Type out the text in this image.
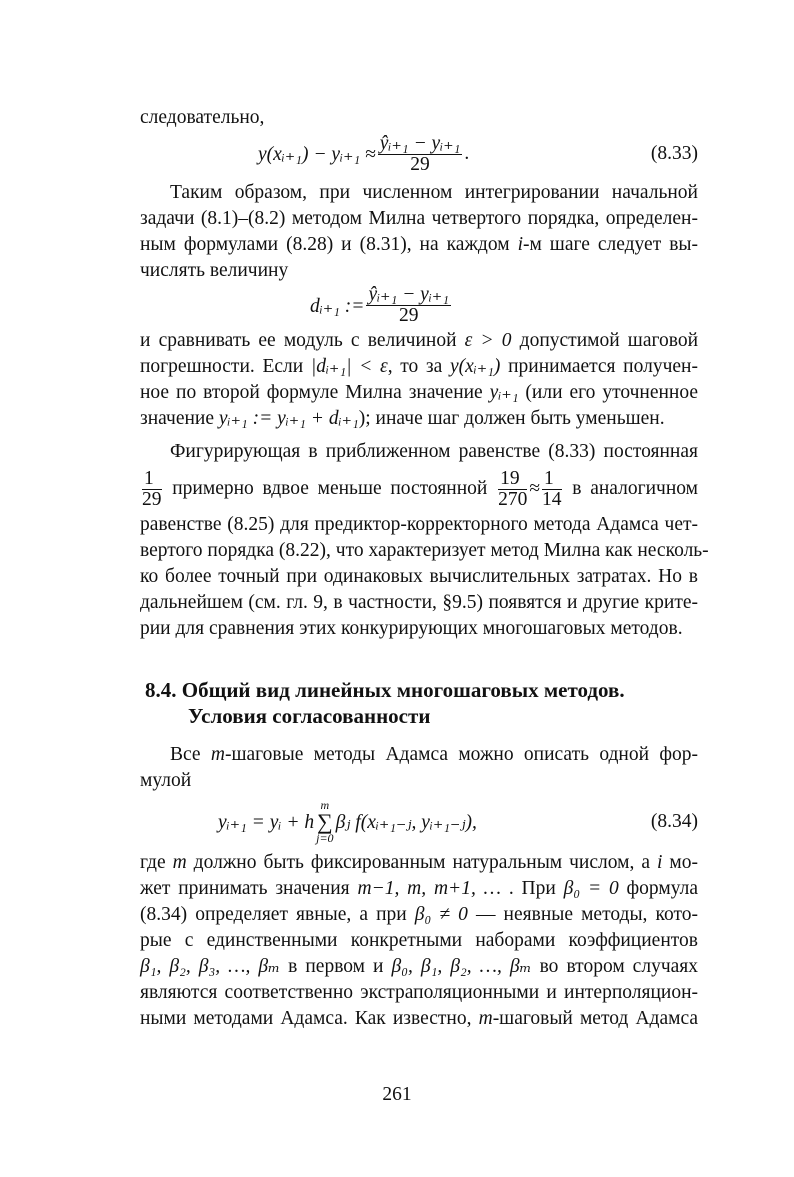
следовательно,
y(xᵢ₊₁) − yᵢ₊₁ ≈ $\frac{\text{ŷᵢ₊₁ − yᵢ₊₁}}{29}$ .	(8.33)
Таким образом, при численном интегрировании начальной
задачи (8.1)–(8.2) методом Милна четвертого порядка, определен-
ным формулами (8.28) и (8.31), на каждом i-м шаге следует вы-
числять величину
dᵢ₊₁ := $\frac{\text{ŷᵢ₊₁ − yᵢ₊₁}}{29}$
и сравнивать ее модуль с величиной ε > 0 допустимой шаговой
погрешности. Если |dᵢ₊₁| < ε, то за y(xᵢ₊₁) принимается получен-
ное по второй формуле Милна значение yᵢ₊₁ (или его уточненное
значение yᵢ₊₁ := yᵢ₊₁ + dᵢ₊₁); иначе шаг должен быть уменьшен.
Фигурирующая в приближенном равенстве (8.33) постоянная
$\frac{1}{29}$ примерно вдвое меньше постоянной $\frac{19}{270} \approx \frac{1}{14}$ в аналогичном
равенстве (8.25) для предиктор-корректорного метода Адамса чет-
вертого порядка (8.22), что характеризует метод Милна как несколь-
ко более точный при одинаковых вычислительных затратах. Но в
дальнейшем (см. гл. 9, в частности, §9.5) появятся и другие крите-
рии для сравнения этих конкурирующих многошаговых методов.
8.4. Общий вид линейных многошаговых методов.
Условия согласованности
Все m-шаговые методы Адамса можно описать одной фор-
мулой
yᵢ₊₁ = yᵢ + h
m
∑
j=0
βⱼ f(xᵢ₊₁₋ⱼ, yᵢ₊₁₋ⱼ),	(8.34)
где m должно быть фиксированным натуральным числом, а i мо-
жет принимать значения m−1, m, m+1, … . При β₀ = 0 формула
(8.34) определяет явные, а при β₀ ≠ 0 — неявные методы, кото-
рые с единственными конкретными наборами коэффициентов
β₁, β₂, β₃, …, βₘ в первом и β₀, β₁, β₂, …, βₘ во втором случаях
являются соответственно экстраполяционными и интерполяцион-
ными методами Адамса. Как известно, m-шаговый метод Адамса
261
